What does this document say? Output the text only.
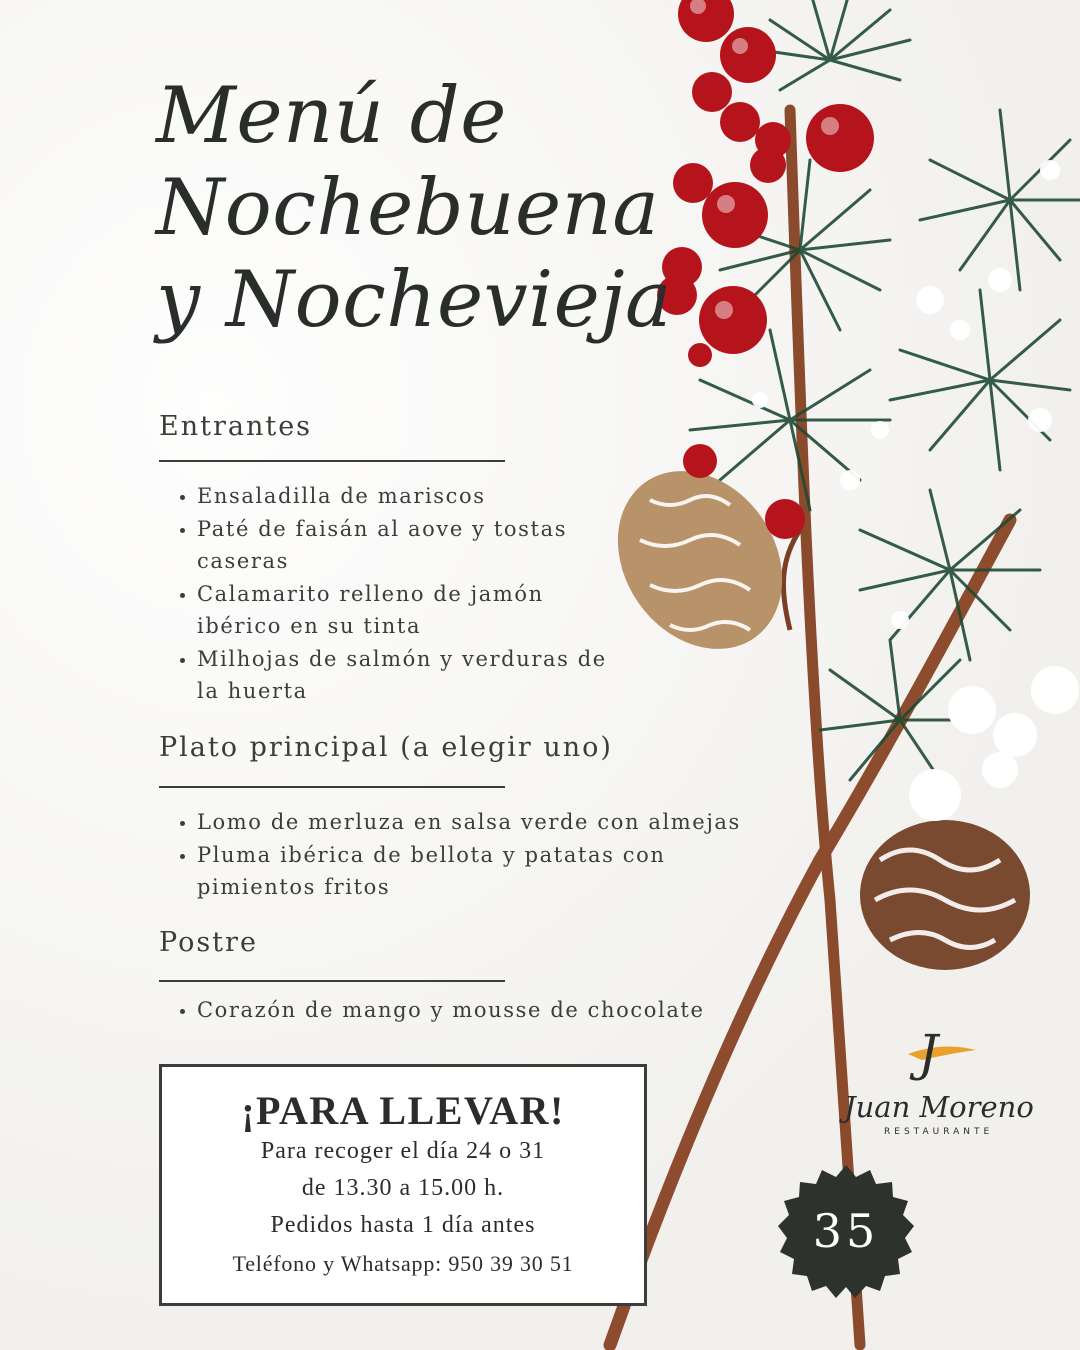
Menú de
Nochebuena
y Nochevieja
Entrantes
• Ensaladilla de mariscos
• Paté de faisán al aove y tostas caseras
• Calamarito relleno de jamón ibérico en su tinta
• Milhojas de salmón y verduras de la huerta
Plato principal (a elegir uno)
• Lomo de merluza en salsa verde con almejas
• Pluma ibérica de bellota y patatas con pimientos fritos
Postre
• Corazón de mango y mousse de chocolate
¡PARA LLEVAR!
Para recoger el día 24 o 31
de 13.30 a 15.00 h.
Pedidos hasta 1 día antes
Teléfono y Whatsapp: 950 39 30 51
J
Juan Moreno
RESTAURANTE
35
